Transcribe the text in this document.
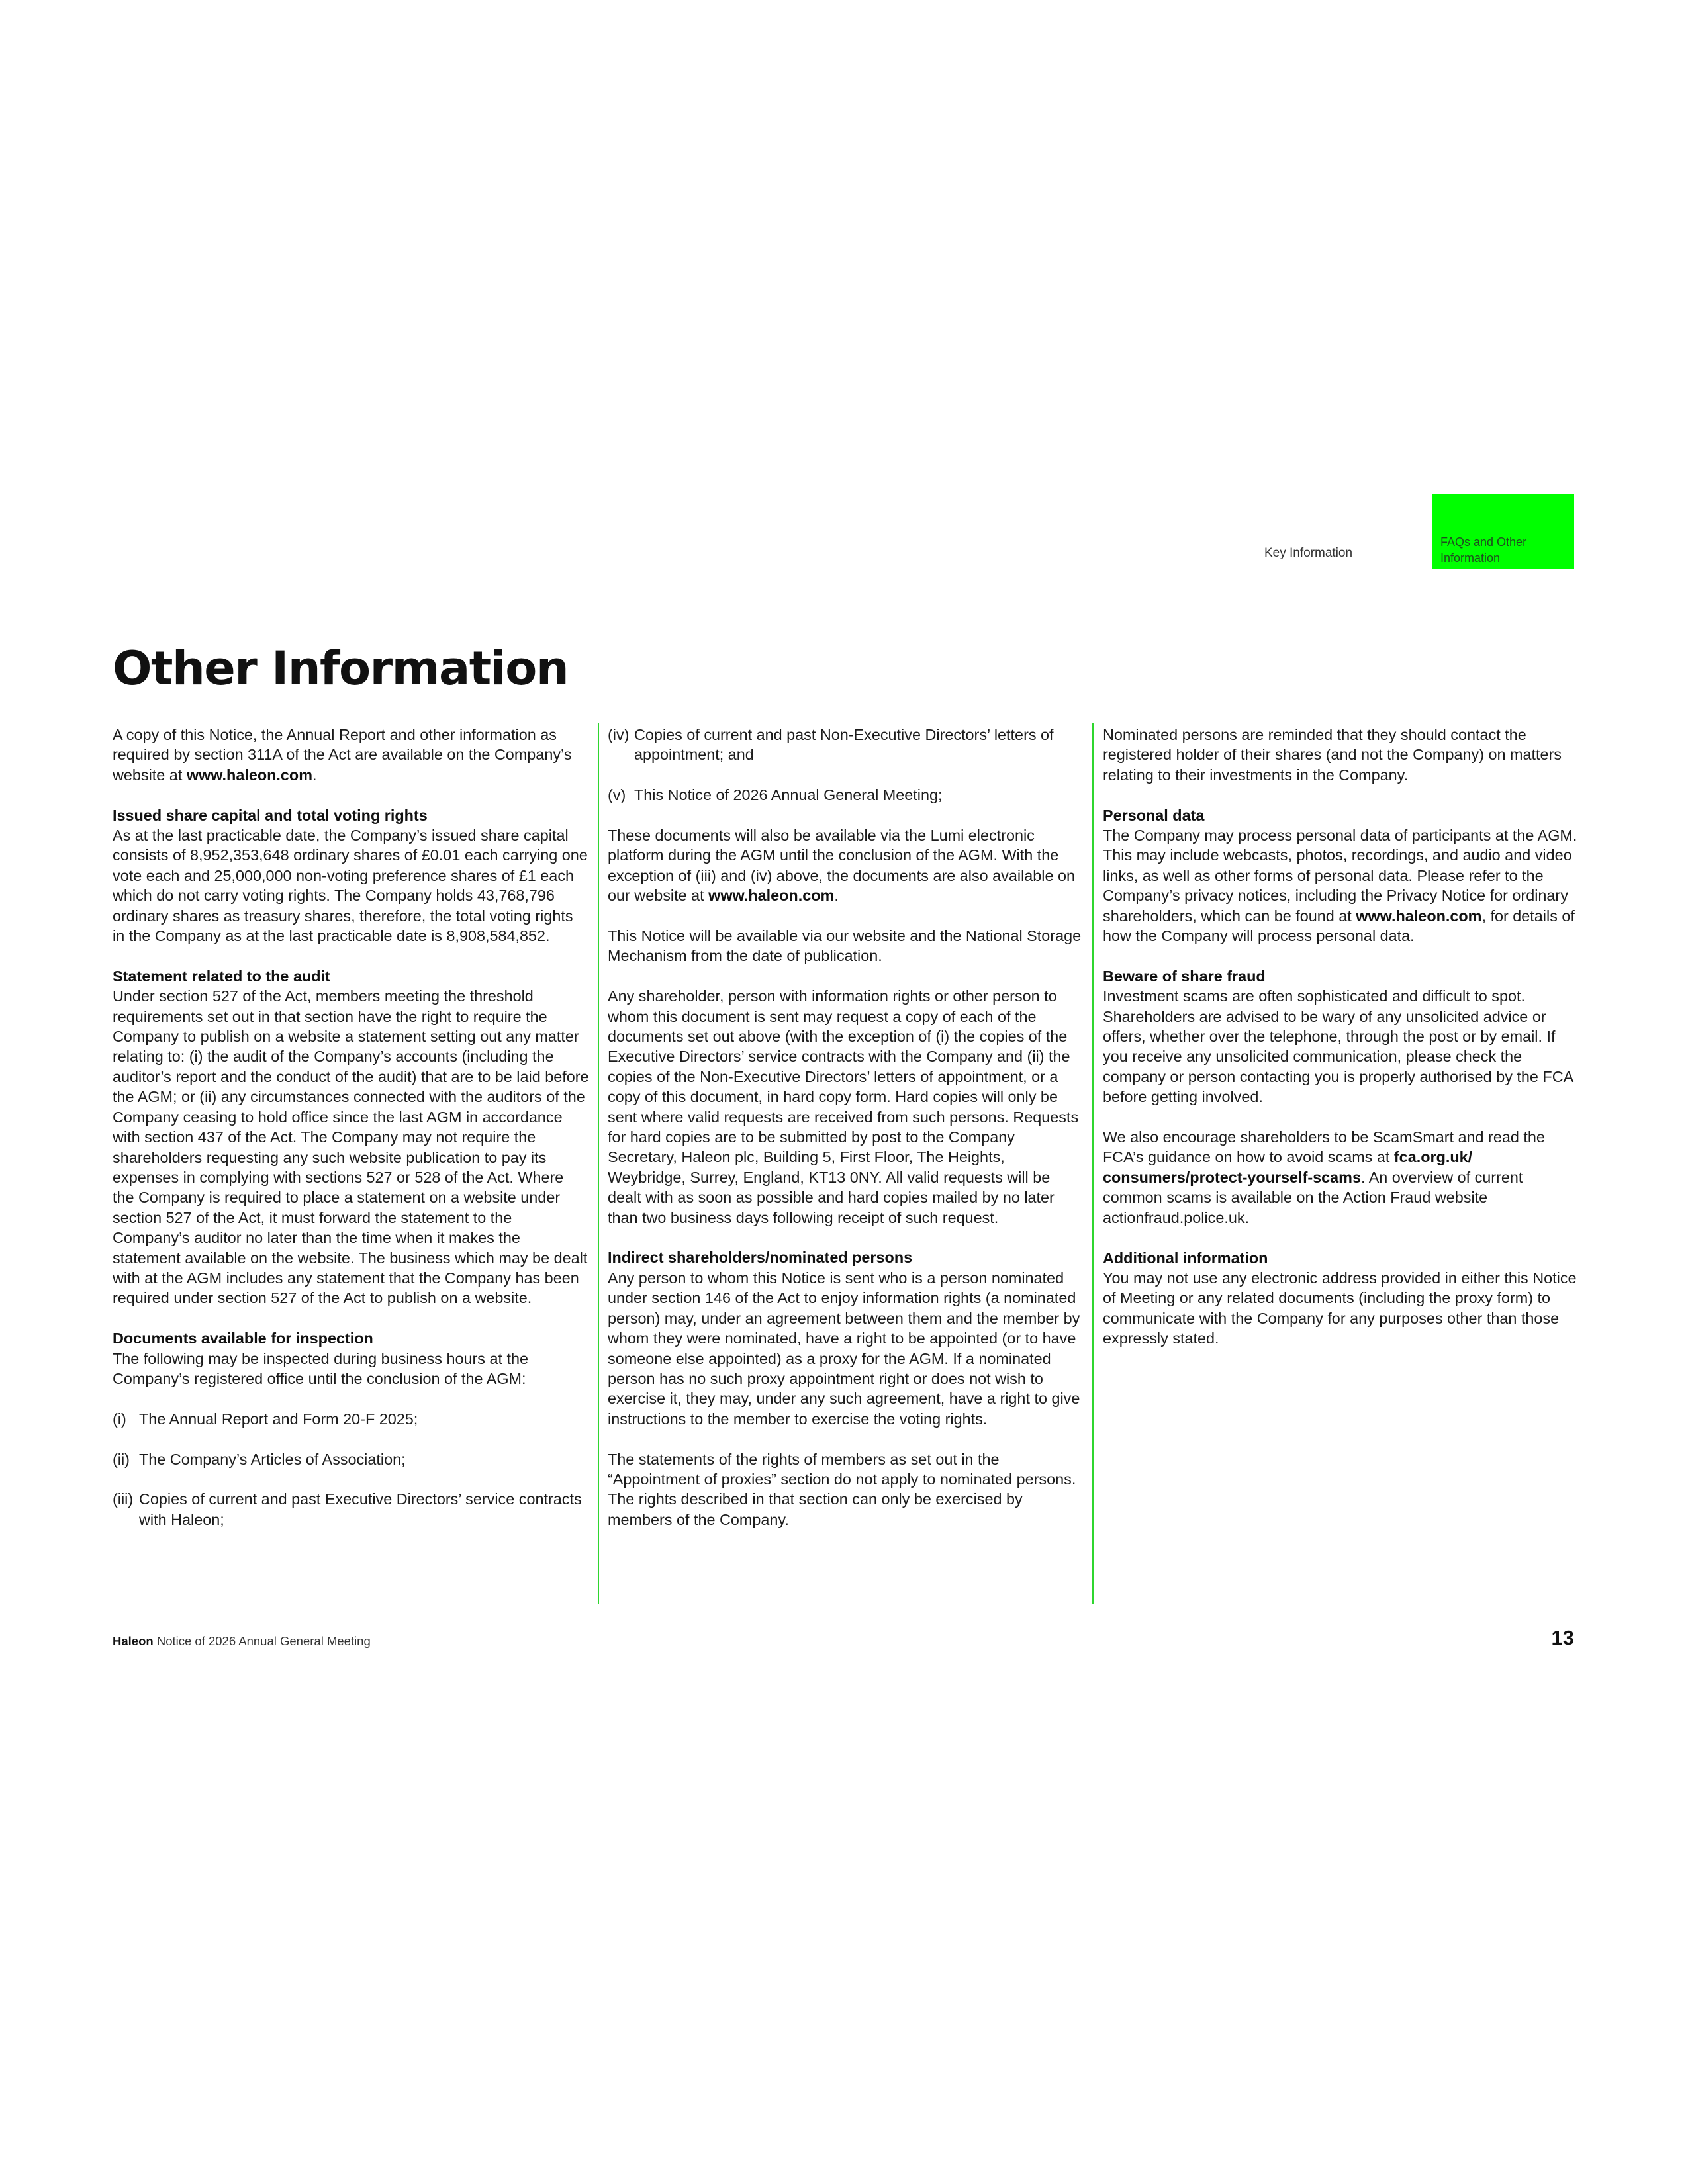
Key Information
FAQs and Other Information
Other Information

A copy of this Notice, the Annual Report and other information as required by section 311A of the Act are available on the Company’s website at www.haleon.com.

Issued share capital and total voting rights

As at the last practicable date, the Company’s issued share capital consists of 8,952,353,648 ordinary shares of £0.01 each carrying one vote each and 25,000,000 non-voting preference shares of £1 each which do not carry voting rights. The Company holds 43,768,796 ordinary shares as treasury shares, therefore, the total voting rights in the Company as at the last practicable date is 8,908,584,852.

Statement related to the audit

Under section 527 of the Act, members meeting the threshold requirements set out in that section have the right to require the Company to publish on a website a statement setting out any matter relating to: (i) the audit of the Company’s accounts (including the auditor’s report and the conduct of the audit) that are to be laid before the AGM; or (ii) any circumstances connected with the auditors of the Company ceasing to hold office since the last AGM in accordance with section 437 of the Act. The Company may not require the shareholders requesting any such website publication to pay its expenses in complying with sections 527 or 528 of the Act. Where the Company is required to place a statement on a website under section 527 of the Act, it must forward the statement to the Company’s auditor no later than the time when it makes the statement available on the website. The business which may be dealt with at the AGM includes any statement that the Company has been required under section 527 of the Act to publish on a website.

Documents available for inspection

The following may be inspected during business hours at the Company’s registered office until the conclusion of the AGM:

(i) The Annual Report and Form 20-F 2025;
(ii) The Company’s Articles of Association;
(iii) Copies of current and past Executive Directors’ service contracts with Haleon;
(iv) Copies of current and past Non-Executive Directors’ letters of appointment; and
(v) This Notice of 2026 Annual General Meeting;

These documents will also be available via the Lumi electronic platform during the AGM until the conclusion of the AGM. With the exception of (iii) and (iv) above, the documents are also available on our website at www.haleon.com.

This Notice will be available via our website and the National Storage Mechanism from the date of publication.

Any shareholder, person with information rights or other person to whom this document is sent may request a copy of each of the documents set out above (with the exception of (i) the copies of the Executive Directors’ service contracts with the Company and (ii) the copies of the Non-Executive Directors’ letters of appointment, or a copy of this document, in hard copy form. Hard copies will only be sent where valid requests are received from such persons. Requests for hard copies are to be submitted by post to the Company Secretary, Haleon plc, Building 5, First Floor, The Heights, Weybridge, Surrey, England, KT13 0NY. All valid requests will be dealt with as soon as possible and hard copies mailed by no later than two business days following receipt of such request.

Indirect shareholders/nominated persons

Any person to whom this Notice is sent who is a person nominated under section 146 of the Act to enjoy information rights (a nominated person) may, under an agreement between them and the member by whom they were nominated, have a right to be appointed (or to have someone else appointed) as a proxy for the AGM. If a nominated person has no such proxy appointment right or does not wish to exercise it, they may, under any such agreement, have a right to give instructions to the member to exercise the voting rights.

The statements of the rights of members as set out in the “Appointment of proxies” section do not apply to nominated persons. The rights described in that section can only be exercised by members of the Company.

Nominated persons are reminded that they should contact the registered holder of their shares (and not the Company) on matters relating to their investments in the Company.

Personal data

The Company may process personal data of participants at the AGM. This may include webcasts, photos, recordings, and audio and video links, as well as other forms of personal data. Please refer to the Company’s privacy notices, including the Privacy Notice for ordinary shareholders, which can be found at www.haleon.com, for details of how the Company will process personal data.

Beware of share fraud

Investment scams are often sophisticated and difficult to spot. Shareholders are advised to be wary of any unsolicited advice or offers, whether over the telephone, through the post or by email. If you receive any unsolicited communication, please check the company or person contacting you is properly authorised by the FCA before getting involved.

We also encourage shareholders to be ScamSmart and read the FCA’s guidance on how to avoid scams at fca.org.uk/ consumers/protect-yourself-scams. An overview of current common scams is available on the Action Fraud website actionfraud.police.uk.

Additional information

You may not use any electronic address provided in either this Notice of Meeting or any related documents (including the proxy form) to communicate with the Company for any purposes other than those expressly stated.

Haleon Notice of 2026 Annual General Meeting	13
